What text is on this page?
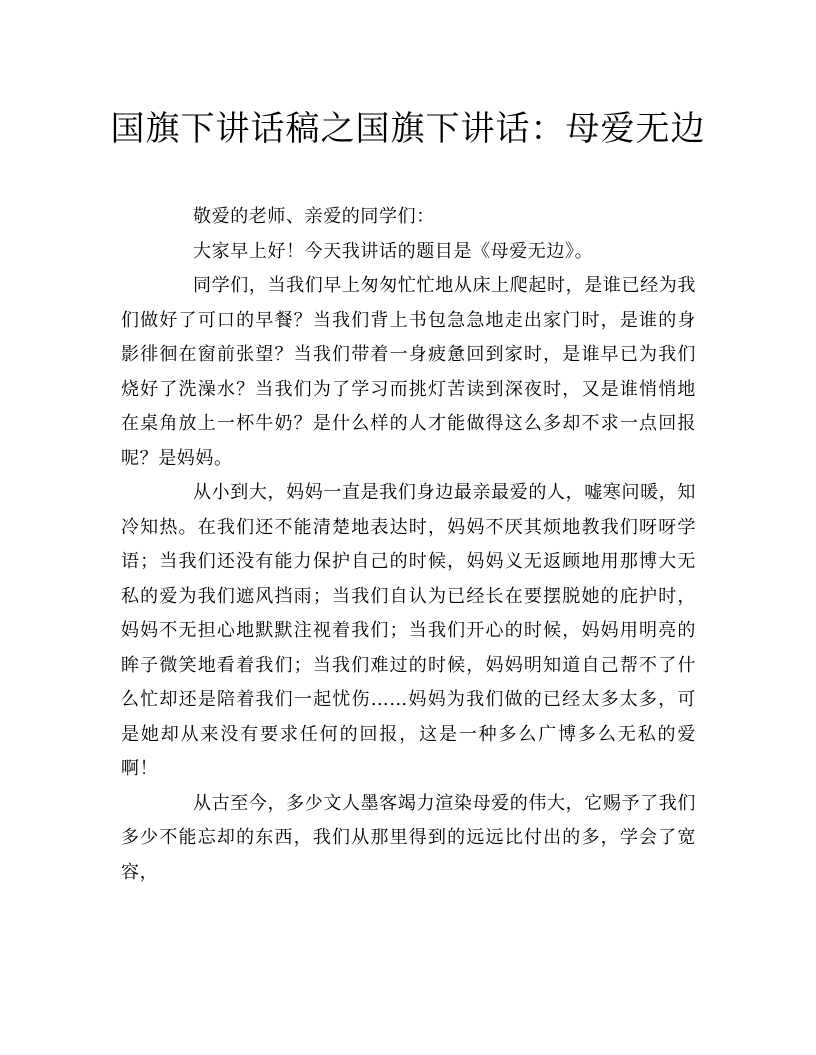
国旗下讲话稿之国旗下讲话：母爱无边

敬爱的老师、亲爱的同学们：

大家早上好！今天我讲话的题目是《母爱无边》。

同学们，当我们早上匆匆忙忙地从床上爬起时，是谁已经为我们做好了可口的早餐？当我们背上书包急急地走出家门时，是谁的身影徘徊在窗前张望？当我们带着一身疲惫回到家时，是谁早已为我们烧好了洗澡水？当我们为了学习而挑灯苦读到深夜时，又是谁悄悄地在桌角放上一杯牛奶？是什么样的人才能做得这么多却不求一点回报呢？是妈妈。

从小到大，妈妈一直是我们身边最亲最爱的人，嘘寒问暖，知冷知热。在我们还不能清楚地表达时，妈妈不厌其烦地教我们呀呀学语；当我们还没有能力保护自己的时候，妈妈义无返顾地用那博大无私的爱为我们遮风挡雨；当我们自认为已经长在要摆脱她的庇护时，妈妈不无担心地默默注视着我们；当我们开心的时候，妈妈用明亮的眸子微笑地看着我们；当我们难过的时候，妈妈明知道自己帮不了什么忙却还是陪着我们一起忧伤……妈妈为我们做的已经太多太多，可是她却从来没有要求任何的回报，这是一种多么广博多么无私的爱啊！

从古至今，多少文人墨客竭力渲染母爱的伟大，它赐予了我们多少不能忘却的东西，我们从那里得到的远远比付出的多，学会了宽容，
